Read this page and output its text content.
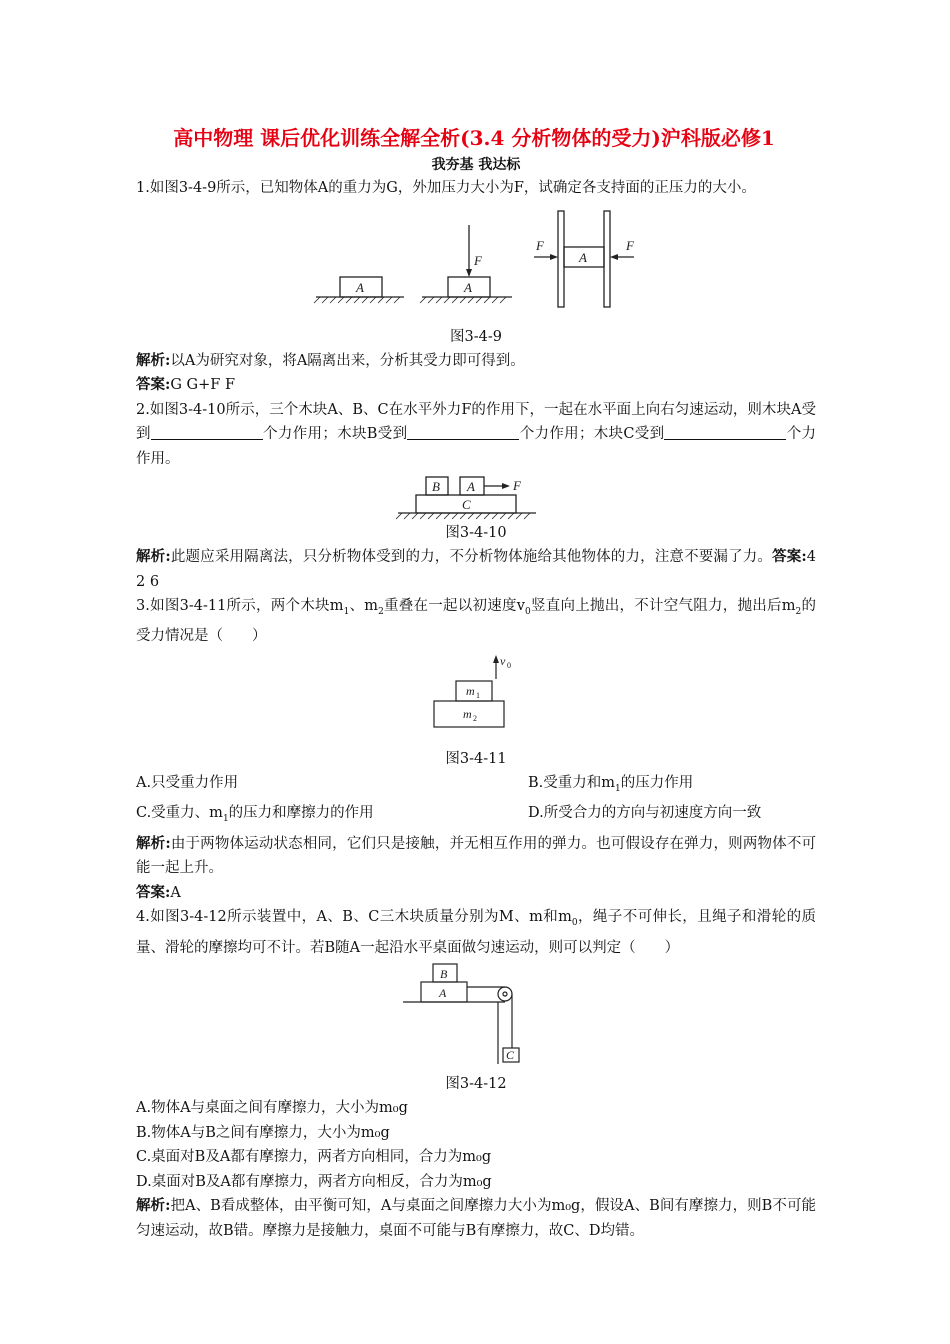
高中物理 课后优化训练全解全析(3.4 分析物体的受力)沪科版必修1
我夯基 我达标

1.如图3-4-9所示，已知物体A的重力为G，外加压力大小为F，试确定各支持面的正压力的大小。

A	A
A
F
F	F
图3-4-9

解析:以A为研究对象，将A隔离出来，分析其受力即可得到。

答案:G G+F F

2.如图3-4-10所示，三个木块A、B、C在水平外力F的作用下，一起在水平面上向右匀速运动，则木块A受到	个力作用；木块B受到	个力作用；木块C受到	个力作用。

B A
C
F
图3-4-10

解析:此题应采用隔离法，只分析物体受到的力，不分析物体施给其他物体的力，注意不要漏了力。答案:4 2 6

3.如图3-4-11所示，两个木块$m_1$、$m_2$重叠在一起以初速度$v_0$竖直向上抛出，不计空气阻力，抛出后$m_2$的受力情况是（　　）

m
m
v
1
2
0
图3-4-11
A.只受重力作用	B.受重力和$m_1$的压力作用
C.受重力、$m_1$的压力和摩擦力的作用	D.所受合力的方向与初速度方向一致

解析:由于两物体运动状态相同，它们只是接触，并无相互作用的弹力。也可假设存在弹力，则两物体不可能一起上升。

答案:A

4.如图3-4-12所示装置中，A、B、C三木块质量分别为M、m和$m_0$，绳子不可伸长，且绳子和滑轮的质量、滑轮的摩擦均可不计。若B随A一起沿水平桌面做匀速运动，则可以判定（　　）

B
A
C
图3-4-12

A.物体A与桌面之间有摩擦力，大小为m₀g

B.物体A与B之间有摩擦力，大小为m₀g

C.桌面对B及A都有摩擦力，两者方向相同，合力为m₀g

D.桌面对B及A都有摩擦力，两者方向相反，合力为m₀g

解析:把A、B看成整体，由平衡可知，A与桌面之间摩擦力大小为m₀g，假设A、B间有摩擦力，则B不可能匀速运动，故B错。摩擦力是接触力，桌面不可能与B有摩擦力，故C、D均错。
